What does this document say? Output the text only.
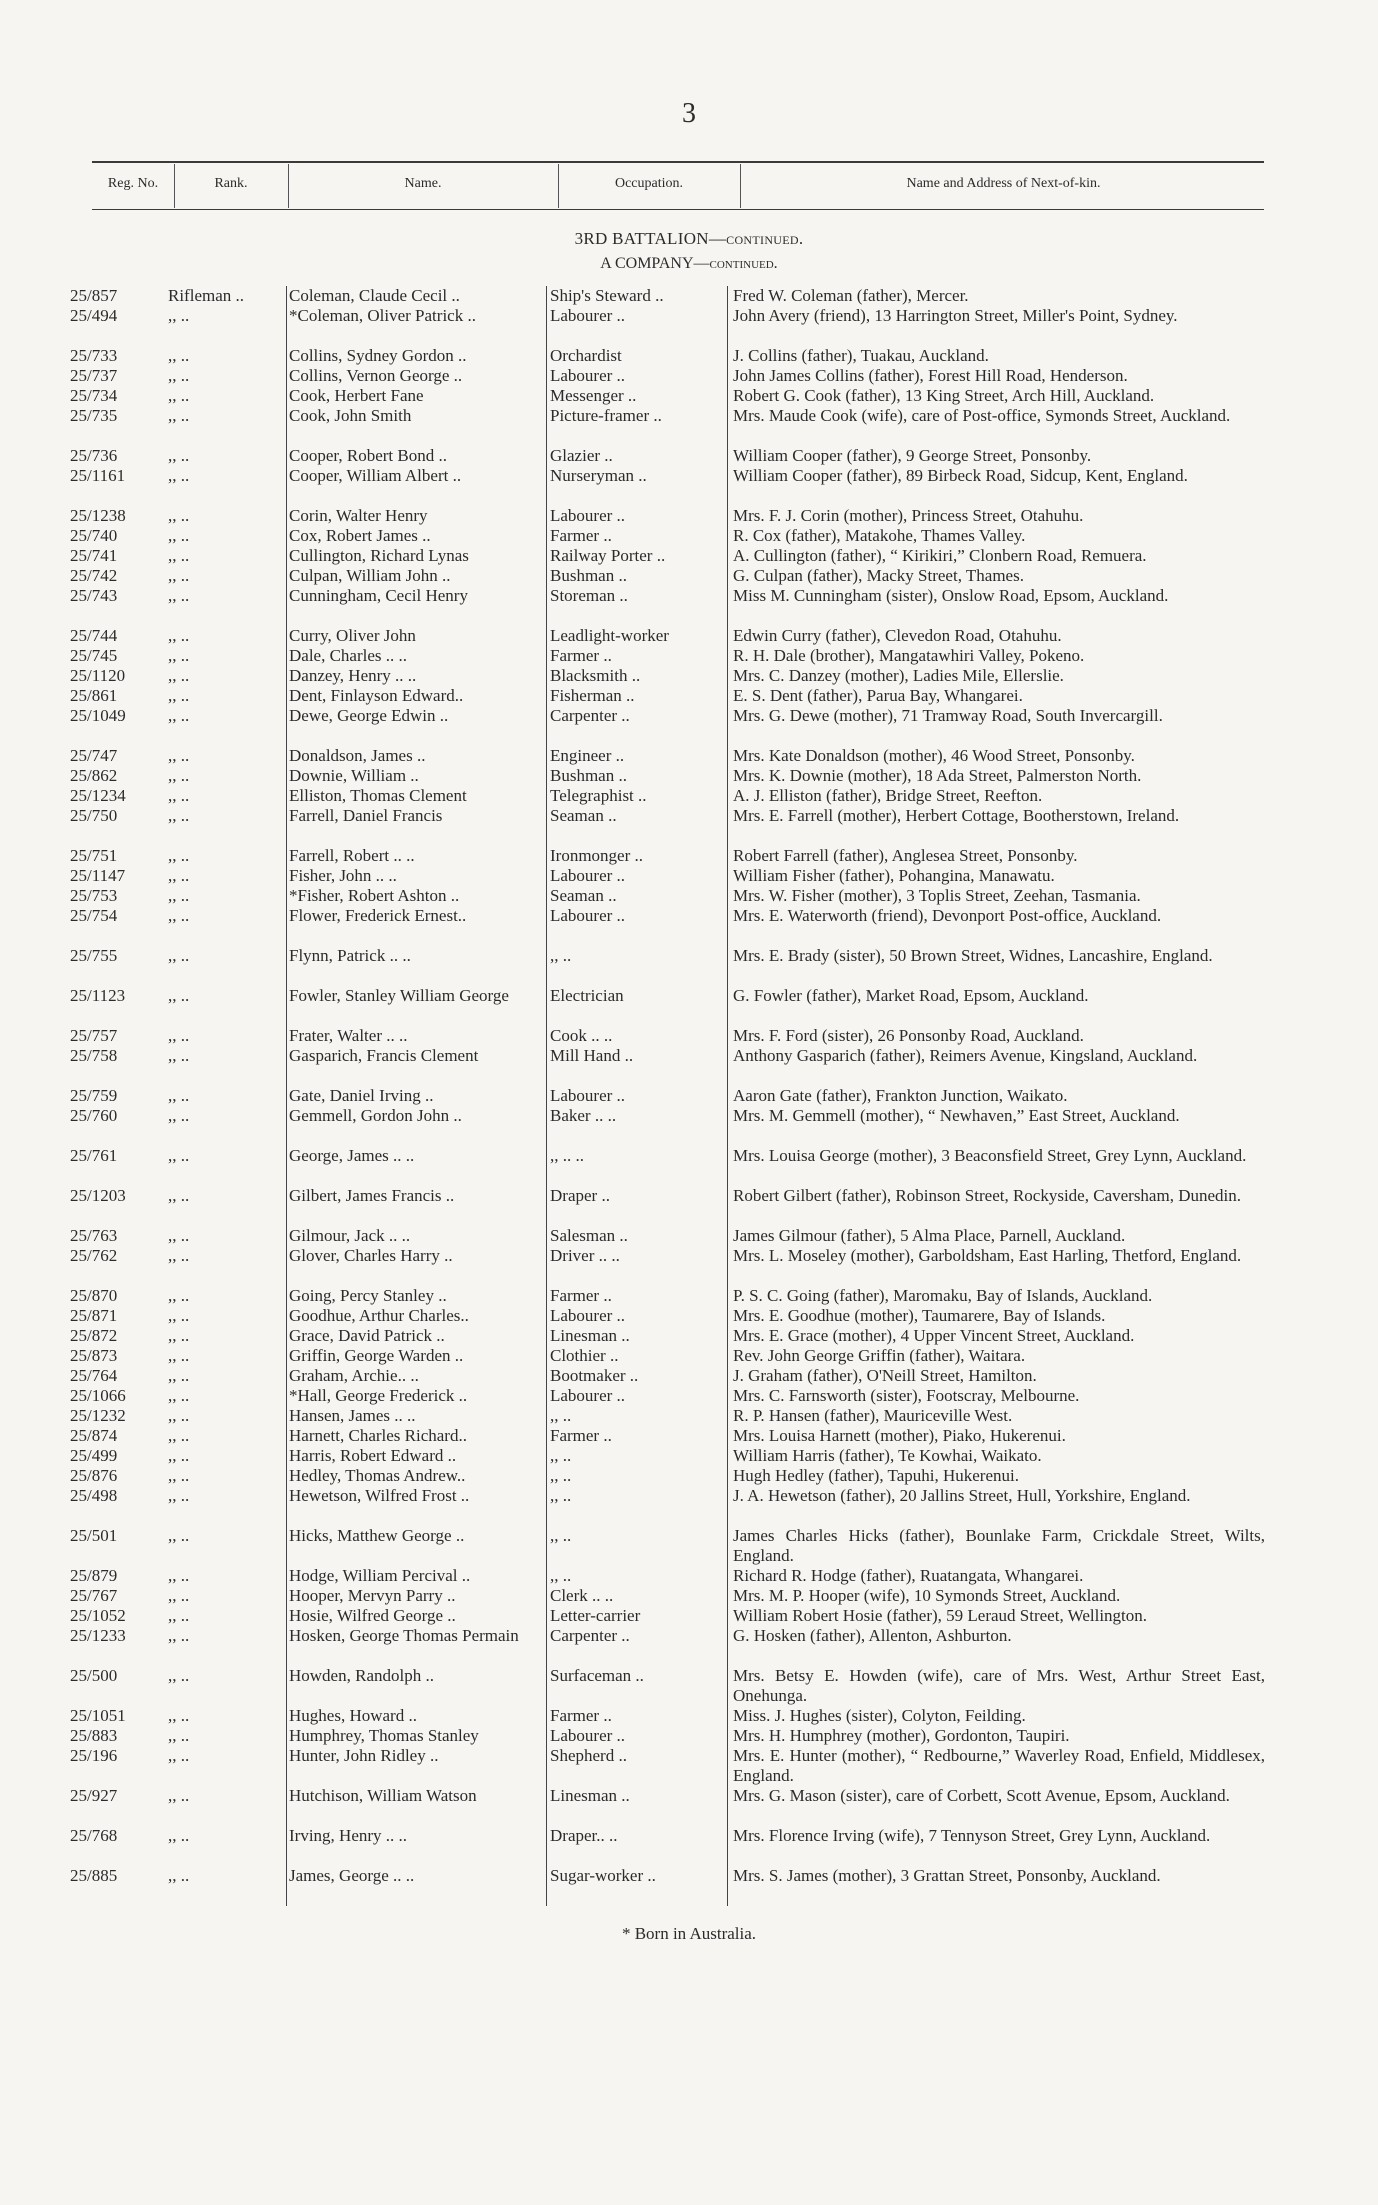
3
Reg. No.	Rank.	Name.	Occupation.	Name and Address of Next-of-kin.
3RD BATTALION—continued.
A COMPANY—continued.
25/857	Rifleman ..	Coleman, Claude Cecil ..	Ship's Steward ..	Fred W. Coleman (father), Mercer.
25/494	,, ..	*Coleman, Oliver Patrick ..	Labourer ..	John Avery (friend), 13 Harrington Street, Miller's Point, Sydney.
25/733	,, ..	Collins, Sydney Gordon ..	Orchardist	J. Collins (father), Tuakau, Auckland.
25/737	,, ..	Collins, Vernon George ..	Labourer ..	John James Collins (father), Forest Hill Road, Henderson.
25/734	,, ..	Cook, Herbert Fane	Messenger ..	Robert G. Cook (father), 13 King Street, Arch Hill, Auckland.
25/735	,, ..	Cook, John Smith	Picture-framer ..	Mrs. Maude Cook (wife), care of Post-office, Symonds Street, Auckland.
25/736	,, ..	Cooper, Robert Bond ..	Glazier ..	William Cooper (father), 9 George Street, Ponsonby.
25/1161	,, ..	Cooper, William Albert ..	Nurseryman ..	William Cooper (father), 89 Birbeck Road, Sidcup, Kent, England.
25/1238	,, ..	Corin, Walter Henry	Labourer ..	Mrs. F. J. Corin (mother), Princess Street, Otahuhu.
25/740	,, ..	Cox, Robert James ..	Farmer ..	R. Cox (father), Matakohe, Thames Valley.
25/741	,, ..	Cullington, Richard Lynas	Railway Porter ..	A. Cullington (father), “ Kirikiri,” Clonbern Road, Remuera.
25/742	,, ..	Culpan, William John ..	Bushman ..	G. Culpan (father), Macky Street, Thames.
25/743	,, ..	Cunningham, Cecil Henry	Storeman ..	Miss M. Cunningham (sister), Onslow Road, Epsom, Auckland.
25/744	,, ..	Curry, Oliver John	Leadlight-worker	Edwin Curry (father), Clevedon Road, Otahuhu.
25/745	,, ..	Dale, Charles .. ..	Farmer ..	R. H. Dale (brother), Mangatawhiri Valley, Pokeno.
25/1120	,, ..	Danzey, Henry .. ..	Blacksmith ..	Mrs. C. Danzey (mother), Ladies Mile, Ellerslie.
25/861	,, ..	Dent, Finlayson Edward..	Fisherman ..	E. S. Dent (father), Parua Bay, Whangarei.
25/1049	,, ..	Dewe, George Edwin ..	Carpenter ..	Mrs. G. Dewe (mother), 71 Tramway Road, South Invercargill.
25/747	,, ..	Donaldson, James ..	Engineer ..	Mrs. Kate Donaldson (mother), 46 Wood Street, Ponsonby.
25/862	,, ..	Downie, William ..	Bushman ..	Mrs. K. Downie (mother), 18 Ada Street, Palmerston North.
25/1234	,, ..	Elliston, Thomas Clement	Telegraphist ..	A. J. Elliston (father), Bridge Street, Reefton.
25/750	,, ..	Farrell, Daniel Francis	Seaman ..	Mrs. E. Farrell (mother), Herbert Cottage, Bootherstown, Ireland.
25/751	,, ..	Farrell, Robert .. ..	Ironmonger ..	Robert Farrell (father), Anglesea Street, Ponsonby.
25/1147	,, ..	Fisher, John .. ..	Labourer ..	William Fisher (father), Pohangina, Manawatu.
25/753	,, ..	*Fisher, Robert Ashton ..	Seaman ..	Mrs. W. Fisher (mother), 3 Toplis Street, Zeehan, Tasmania.
25/754	,, ..	Flower, Frederick Ernest..	Labourer ..	Mrs. E. Waterworth (friend), Devonport Post-office, Auckland.
25/755	,, ..	Flynn, Patrick .. ..	,, ..	Mrs. E. Brady (sister), 50 Brown Street, Widnes, Lancashire, England.
25/1123	,, ..	Fowler, Stanley William George	Electrician	G. Fowler (father), Market Road, Epsom, Auckland.
25/757	,, ..	Frater, Walter .. ..	Cook .. ..	Mrs. F. Ford (sister), 26 Ponsonby Road, Auckland.
25/758	,, ..	Gasparich, Francis Clement	Mill Hand ..	Anthony Gasparich (father), Reimers Avenue, Kingsland, Auckland.
25/759	,, ..	Gate, Daniel Irving ..	Labourer ..	Aaron Gate (father), Frankton Junction, Waikato.
25/760	,, ..	Gemmell, Gordon John ..	Baker .. ..	Mrs. M. Gemmell (mother), “ Newhaven,” East Street, Auckland.
25/761	,, ..	George, James .. ..	,, .. ..	Mrs. Louisa George (mother), 3 Beaconsfield Street, Grey Lynn, Auckland.
25/1203	,, ..	Gilbert, James Francis ..	Draper ..	Robert Gilbert (father), Robinson Street, Rockyside, Caversham, Dunedin.
25/763	,, ..	Gilmour, Jack .. ..	Salesman ..	James Gilmour (father), 5 Alma Place, Parnell, Auckland.
25/762	,, ..	Glover, Charles Harry ..	Driver .. ..	Mrs. L. Moseley (mother), Garboldsham, East Harling, Thetford, England.
25/870	,, ..	Going, Percy Stanley ..	Farmer ..	P. S. C. Going (father), Maromaku, Bay of Islands, Auckland.
25/871	,, ..	Goodhue, Arthur Charles..	Labourer ..	Mrs. E. Goodhue (mother), Taumarere, Bay of Islands.
25/872	,, ..	Grace, David Patrick ..	Linesman ..	Mrs. E. Grace (mother), 4 Upper Vincent Street, Auckland.
25/873	,, ..	Griffin, George Warden ..	Clothier ..	Rev. John George Griffin (father), Waitara.
25/764	,, ..	Graham, Archie.. ..	Bootmaker ..	J. Graham (father), O'Neill Street, Hamilton.
25/1066	,, ..	*Hall, George Frederick ..	Labourer ..	Mrs. C. Farnsworth (sister), Footscray, Melbourne.
25/1232	,, ..	Hansen, James .. ..	,, ..	R. P. Hansen (father), Mauriceville West.
25/874	,, ..	Harnett, Charles Richard..	Farmer ..	Mrs. Louisa Harnett (mother), Piako, Hukerenui.
25/499	,, ..	Harris, Robert Edward ..	,, ..	William Harris (father), Te Kowhai, Waikato.
25/876	,, ..	Hedley, Thomas Andrew..	,, ..	Hugh Hedley (father), Tapuhi, Hukerenui.
25/498	,, ..	Hewetson, Wilfred Frost ..	,, ..	J. A. Hewetson (father), 20 Jallins Street, Hull, Yorkshire, England.
25/501	,, ..	Hicks, Matthew George ..	,, ..	James Charles Hicks (father), Bounlake Farm, Crickdale Street, Wilts, England.
25/879	,, ..	Hodge, William Percival ..	,, ..	Richard R. Hodge (father), Ruatangata, Whangarei.
25/767	,, ..	Hooper, Mervyn Parry ..	Clerk .. ..	Mrs. M. P. Hooper (wife), 10 Symonds Street, Auckland.
25/1052	,, ..	Hosie, Wilfred George ..	Letter-carrier	William Robert Hosie (father), 59 Leraud Street, Wellington.
25/1233	,, ..	Hosken, George Thomas Permain	Carpenter ..	G. Hosken (father), Allenton, Ashburton.
25/500	,, ..	Howden, Randolph ..	Surfaceman ..	Mrs. Betsy E. Howden (wife), care of Mrs. West, Arthur Street East, Onehunga.
25/1051	,, ..	Hughes, Howard ..	Farmer ..	Miss. J. Hughes (sister), Colyton, Feilding.
25/883	,, ..	Humphrey, Thomas Stanley	Labourer ..	Mrs. H. Humphrey (mother), Gordonton, Taupiri.
25/196	,, ..	Hunter, John Ridley ..	Shepherd ..	Mrs. E. Hunter (mother), “ Redbourne,” Waverley Road, Enfield, Middlesex, England.
25/927	,, ..	Hutchison, William Watson	Linesman ..	Mrs. G. Mason (sister), care of Corbett, Scott Avenue, Epsom, Auckland.
25/768	,, ..	Irving, Henry .. ..	Draper.. ..	Mrs. Florence Irving (wife), 7 Tennyson Street, Grey Lynn, Auckland.
25/885	,, ..	James, George .. ..	Sugar-worker ..	Mrs. S. James (mother), 3 Grattan Street, Ponsonby, Auckland.
* Born in Australia.
